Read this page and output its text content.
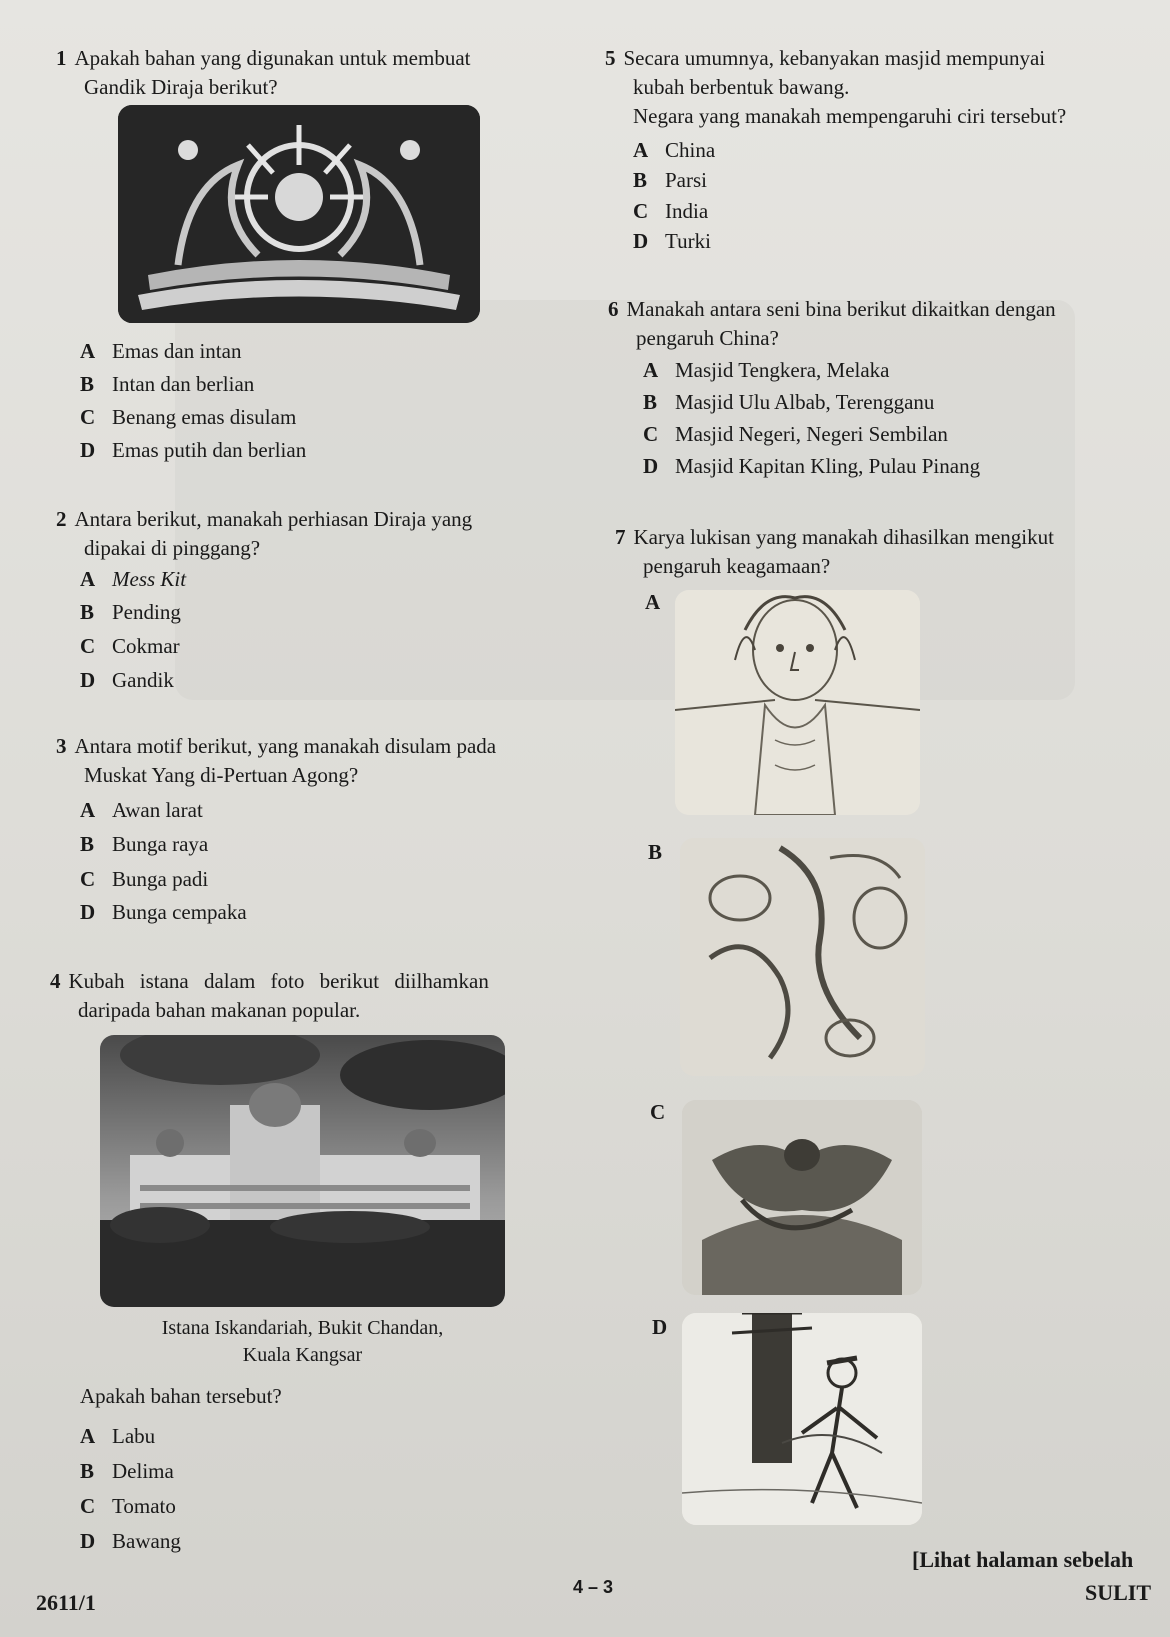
1 Apakah bahan yang digunakan untuk membuat
Gandik Diraja berikut?
A Emas dan intan
B Intan dan berlian
C Benang emas disulam
D Emas putih dan berlian
2 Antara berikut, manakah perhiasan Diraja yang
dipakai di pinggang?
A Mess Kit
B Pending
C Cokmar
D Gandik
3 Antara motif berikut, yang manakah disulam pada
Muskat Yang di-Pertuan Agong?
A Awan larat
B Bunga raya
C Bunga padi
D Bunga cempaka
4 Kubah istana dalam foto berikut diilhamkan
daripada bahan makanan popular.
Istana Iskandariah, Bukit Chandan,
Kuala Kangsar
Apakah bahan tersebut?
A Labu
B Delima
C Tomato
D Bawang
5 Secara umumnya, kebanyakan masjid mempunyai
kubah berbentuk bawang.
Negara yang manakah mempengaruhi ciri tersebut?
A China
B Parsi
C India
D Turki
6 Manakah antara seni bina berikut dikaitkan dengan
pengaruh China?
A Masjid Tengkera, Melaka
B Masjid Ulu Albab, Terengganu
C Masjid Negeri, Negeri Sembilan
D Masjid Kapitan Kling, Pulau Pinang
7 Karya lukisan yang manakah dihasilkan mengikut
pengaruh keagamaan?
A
B
C
D
[Lihat halaman sebelah
4 – 3
2611/1	SULIT
